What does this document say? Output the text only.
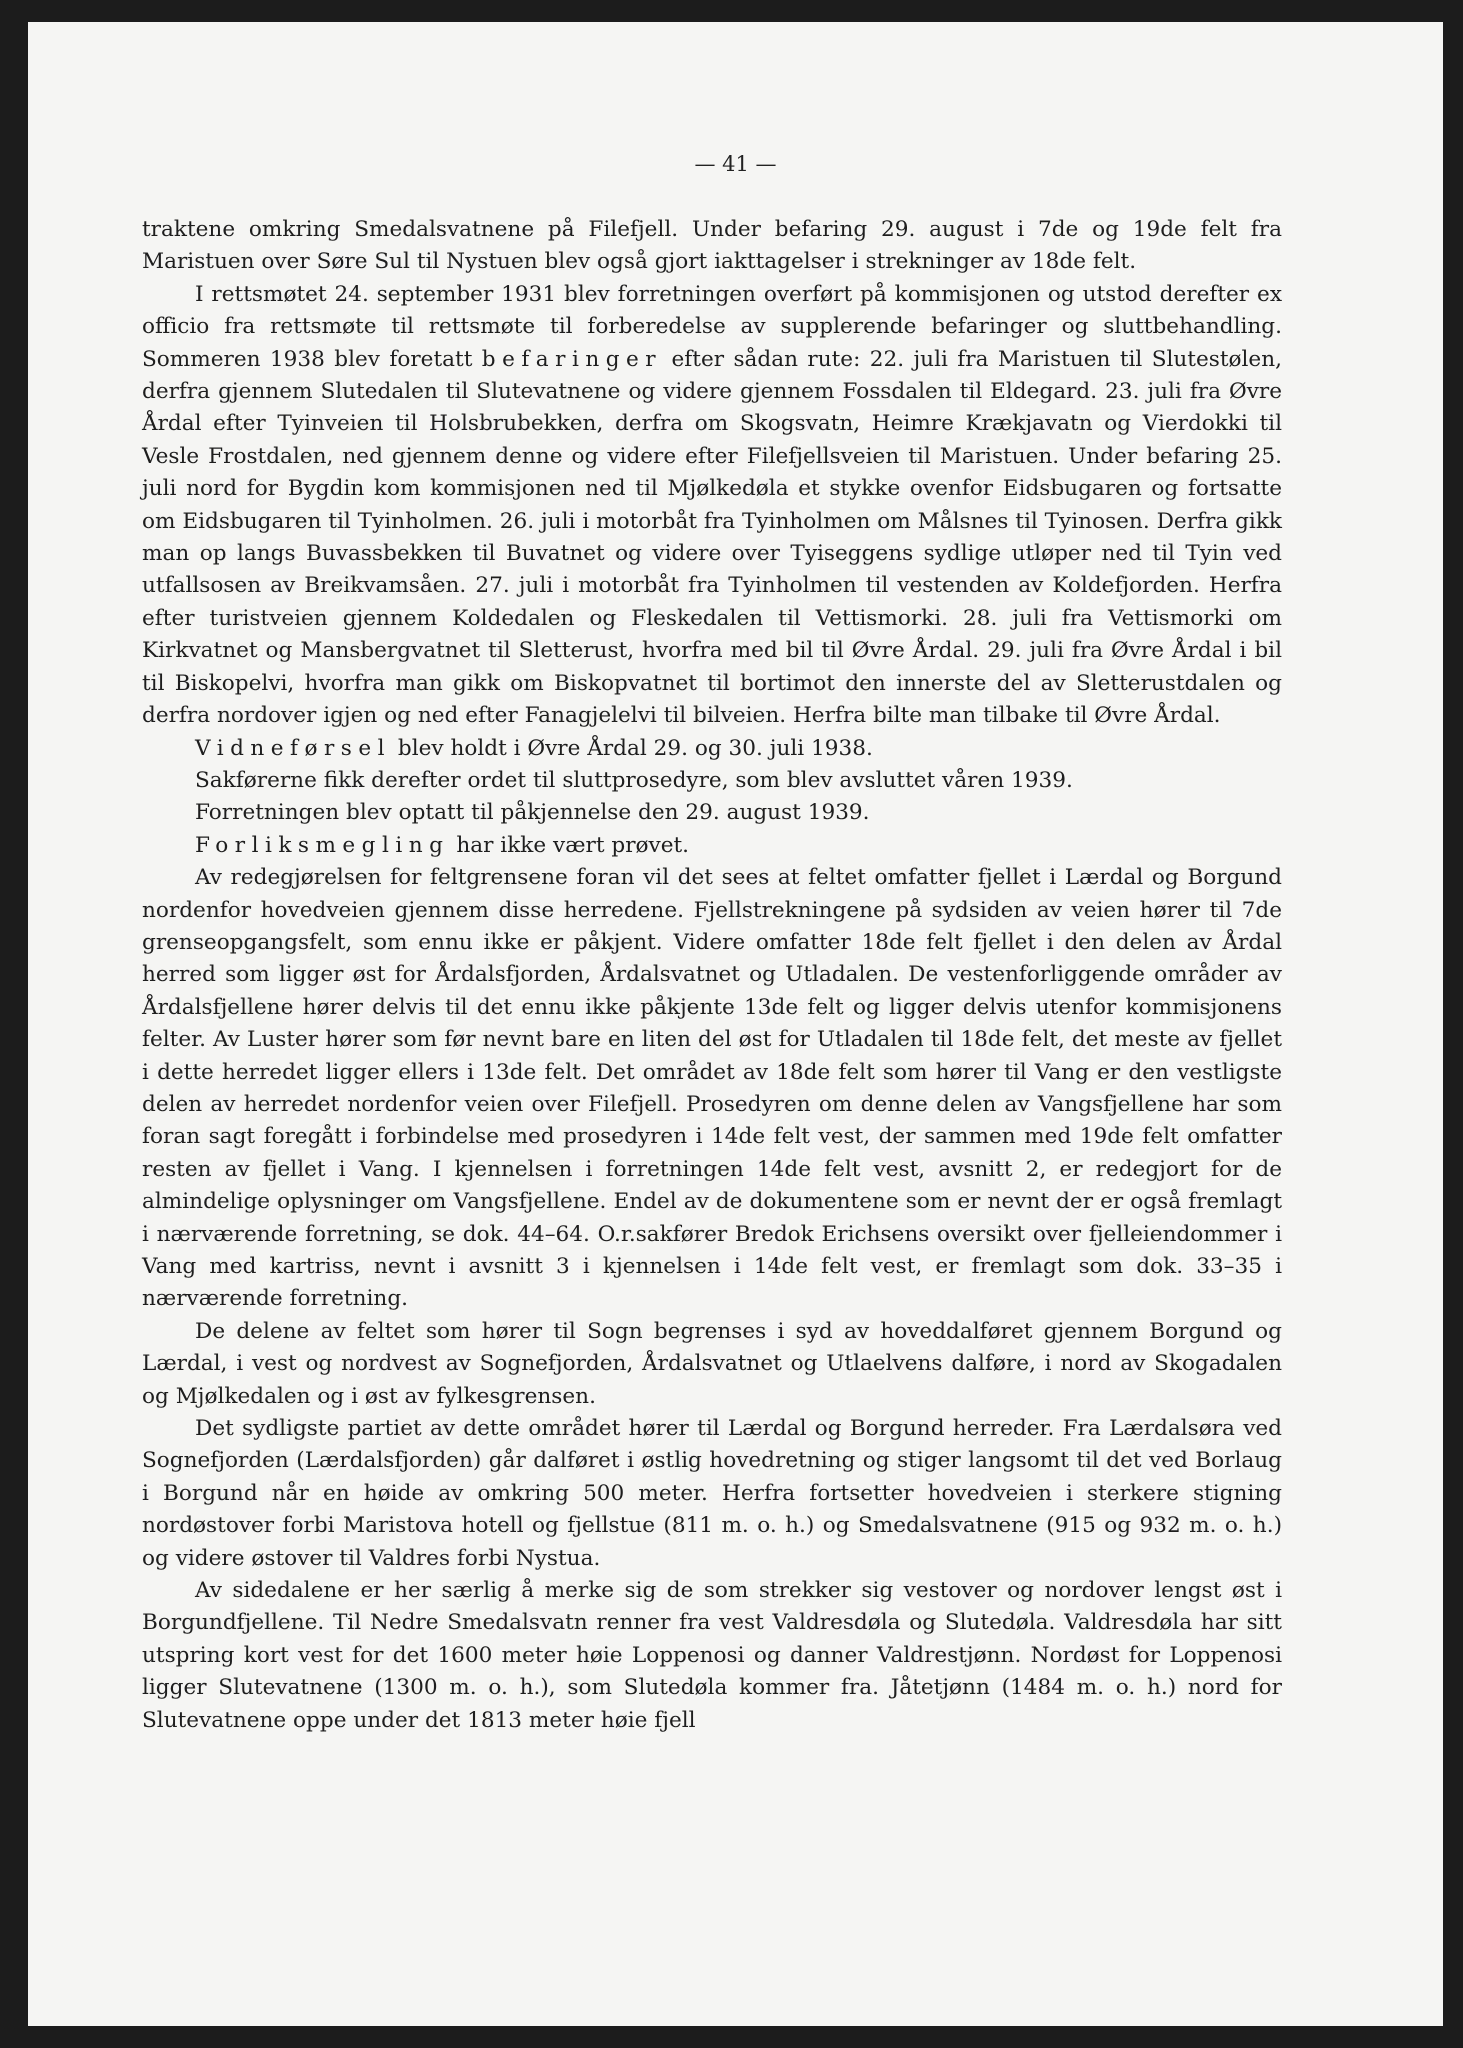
— 41 —

traktene omkring Smedalsvatnene på Filefjell. Under befaring 29. august i 7de og 19de felt fra Maristuen over Søre Sul til Nystuen blev også gjort iakttagelser i strekninger av 18de felt.

I rettsmøtet 24. september 1931 blev forretningen overført på kommisjonen og utstod derefter ex officio fra rettsmøte til rettsmøte til forberedelse av supplerende befaringer og sluttbehandling. Sommeren 1938 blev foretatt befaringer efter sådan rute: 22. juli fra Maristuen til Slutestølen, derfra gjennem Slutedalen til Slutevatnene og videre gjennem Fossdalen til Eldegard. 23. juli fra Øvre Årdal efter Tyinveien til Holsbrubekken, derfra om Skogsvatn, Heimre Krækjavatn og Vierdokki til Vesle Frostdalen, ned gjennem denne og videre efter Filefjellsveien til Maristuen. Under befaring 25. juli nord for Bygdin kom kommisjonen ned til Mjølkedøla et stykke ovenfor Eidsbugaren og fortsatte om Eidsbugaren til Tyinholmen. 26. juli i motorbåt fra Tyinholmen om Målsnes til Tyinosen. Derfra gikk man op langs Buvassbekken til Buvatnet og videre over Tyiseggens sydlige utløper ned til Tyin ved utfallsosen av Breikvamsåen. 27. juli i motorbåt fra Tyinholmen til vestenden av Koldefjorden. Herfra efter turistveien gjennem Koldedalen og Fleskedalen til Vettismorki. 28. juli fra Vettismorki om Kirkvatnet og Mansbergvatnet til Sletterust, hvorfra med bil til Øvre Årdal. 29. juli fra Øvre Årdal i bil til Biskopelvi, hvorfra man gikk om Biskopvatnet til bortimot den innerste del av Sletterustdalen og derfra nordover igjen og ned efter Fanagjelelvi til bilveien. Herfra bilte man tilbake til Øvre Årdal.

Vidneførsel blev holdt i Øvre Årdal 29. og 30. juli 1938.

Sakførerne fikk derefter ordet til sluttprosedyre, som blev avsluttet våren 1939.

Forretningen blev optatt til påkjennelse den 29. august 1939.

Forliksmegling har ikke vært prøvet.

Av redegjørelsen for feltgrensene foran vil det sees at feltet omfatter fjellet i Lærdal og Borgund nordenfor hovedveien gjennem disse herredene. Fjellstrekningene på sydsiden av veien hører til 7de grenseopgangsfelt, som ennu ikke er påkjent. Videre omfatter 18de felt fjellet i den delen av Årdal herred som ligger øst for Årdalsfjorden, Årdalsvatnet og Utladalen. De vestenforliggende områder av Årdalsfjellene hører delvis til det ennu ikke påkjente 13de felt og ligger delvis utenfor kommisjonens felter. Av Luster hører som før nevnt bare en liten del øst for Utladalen til 18de felt, det meste av fjellet i dette herredet ligger ellers i 13de felt. Det området av 18de felt som hører til Vang er den vestligste delen av herredet nordenfor veien over Filefjell. Prosedyren om denne delen av Vangsfjellene har som foran sagt foregått i forbindelse med prosedyren i 14de felt vest, der sammen med 19de felt omfatter resten av fjellet i Vang. I kjennelsen i forretningen 14de felt vest, avsnitt 2, er redegjort for de almindelige oplysninger om Vangsfjellene. Endel av de dokumentene som er nevnt der er også fremlagt i nærværende forretning, se dok. 44–64. O.r.sakfører Bredok Erichsens oversikt over fjelleiendommer i Vang med kartriss, nevnt i avsnitt 3 i kjennelsen i 14de felt vest, er fremlagt som dok. 33–35 i nærværende forretning.

De delene av feltet som hører til Sogn begrenses i syd av hoveddalføret gjennem Borgund og Lærdal, i vest og nordvest av Sognefjorden, Årdalsvatnet og Utlaelvens dalføre, i nord av Skogadalen og Mjølkedalen og i øst av fylkesgrensen.

Det sydligste partiet av dette området hører til Lærdal og Borgund herreder. Fra Lærdalsøra ved Sognefjorden (Lærdalsfjorden) går dalføret i østlig hovedretning og stiger langsomt til det ved Borlaug i Borgund når en høide av omkring 500 meter. Herfra fortsetter hovedveien i sterkere stigning nordøstover forbi Maristova hotell og fjellstue (811 m. o. h.) og Smedalsvatnene (915 og 932 m. o. h.) og videre østover til Valdres forbi Nystua.

Av sidedalene er her særlig å merke sig de som strekker sig vestover og nordover lengst øst i Borgundfjellene. Til Nedre Smedalsvatn renner fra vest Valdresdøla og Slutedøla. Valdresdøla har sitt utspring kort vest for det 1600 meter høie Loppenosi og danner Valdrestjønn. Nordøst for Loppenosi ligger Slutevatnene (1300 m. o. h.), som Slutedøla kommer fra. Jåtetjønn (1484 m. o. h.) nord for Slutevatnene oppe under det 1813 meter høie fjell
